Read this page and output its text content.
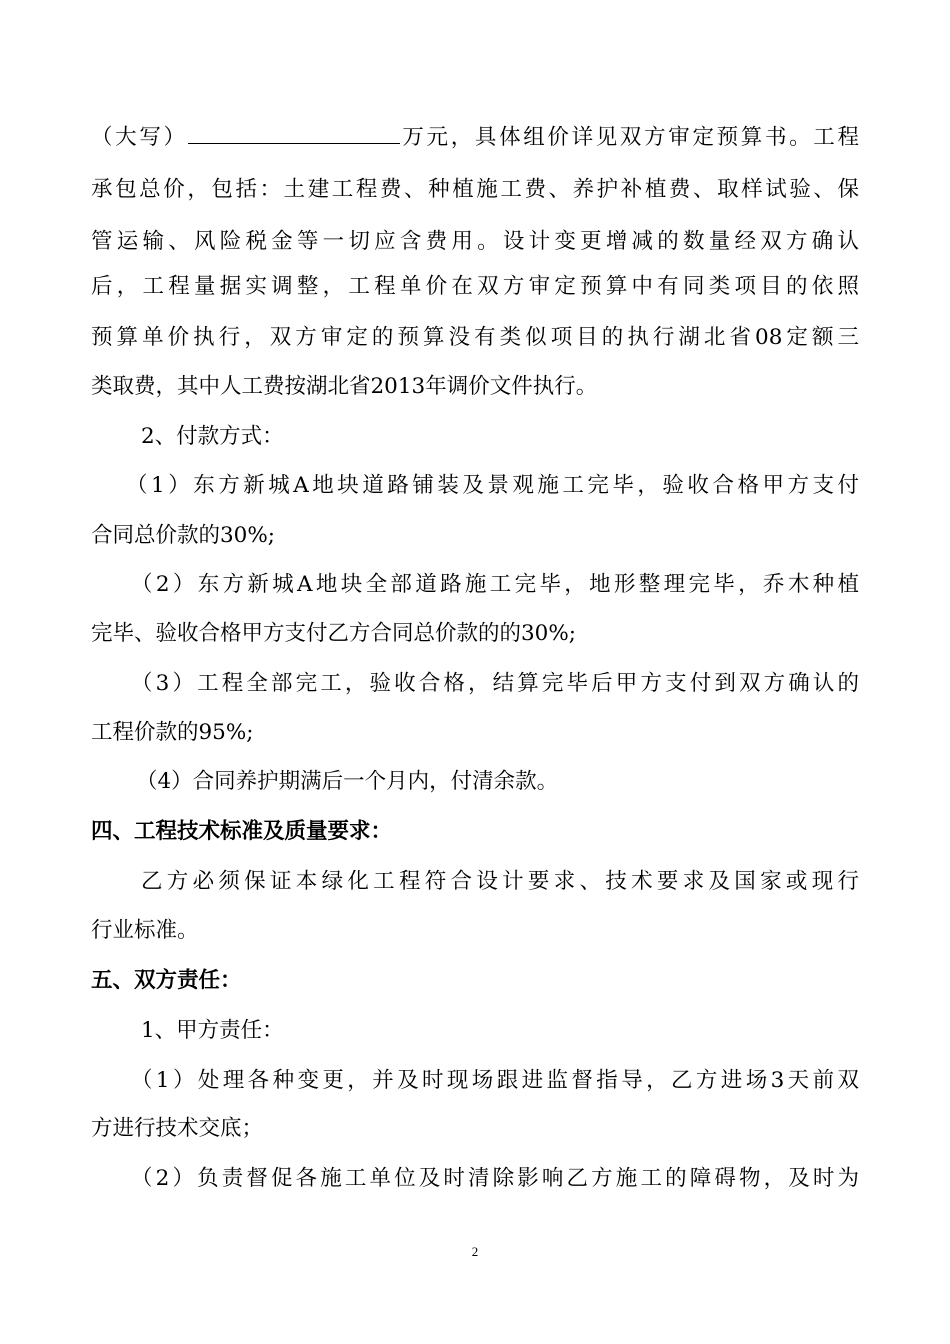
（大写）	万元，具体组价详见双方审定预算书。工程
承包总价，包括：土建工程费、种植施工费、养护补植费、取样试验、保
管运输、风险税金等一切应含费用。设计变更增减的数量经双方确认
后，工程量据实调整，工程单价在双方审定预算中有同类项目的依照
预算单价执行，双方审定的预算没有类似项目的执行湖北省08定额三
类取费，其中人工费按湖北省2013年调价文件执行。
2、付款方式：
（1）东方新城A地块道路铺装及景观施工完毕，验收合格甲方支付
合同总价款的30%;
（2）东方新城A地块全部道路施工完毕，地形整理完毕，乔木种植
完毕、验收合格甲方支付乙方合同总价款的的30%;
（3）工程全部完工，验收合格，结算完毕后甲方支付到双方确认的
工程价款的95%;
（4）合同养护期满后一个月内，付清余款。
四、工程技术标准及质量要求：
乙方必须保证本绿化工程符合设计要求、技术要求及国家或现行
行业标准。
五、双方责任：
1、甲方责任：
（1）处理各种变更，并及时现场跟进监督指导，乙方进场3天前双
方进行技术交底；
（2）负责督促各施工单位及时清除影响乙方施工的障碍物，及时为
2
